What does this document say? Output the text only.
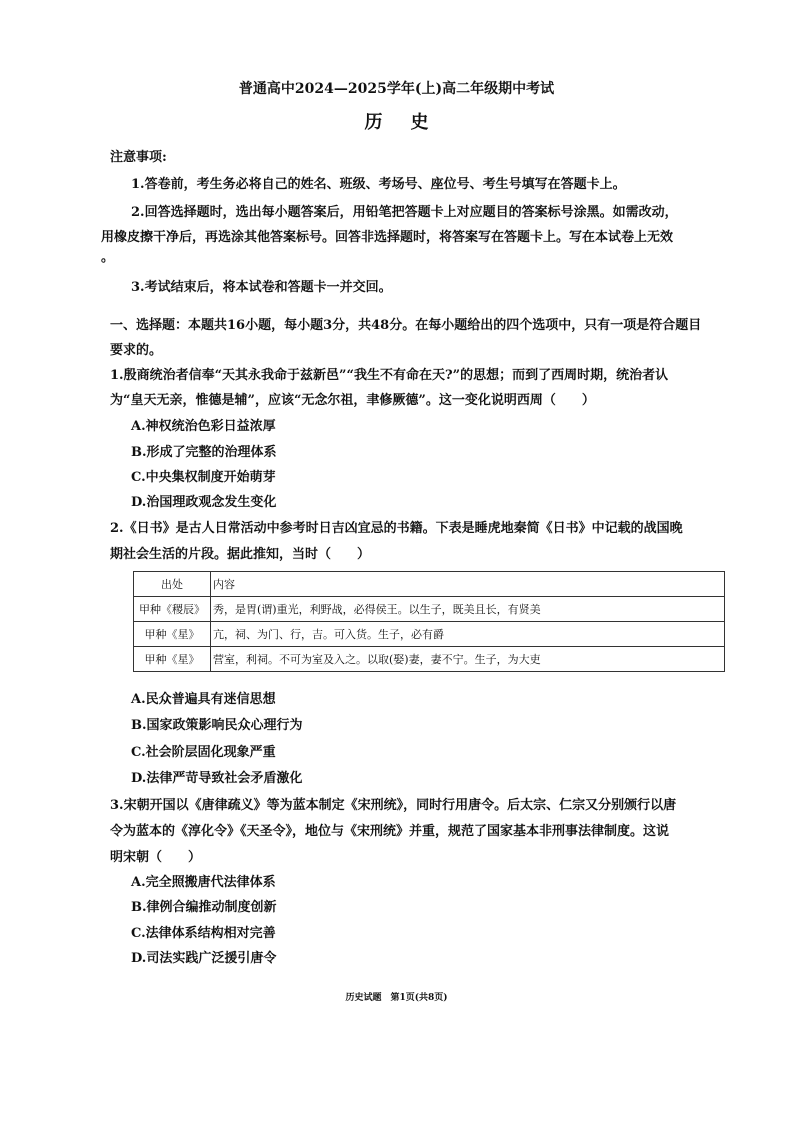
普通高中2024—2025学年(上)高二年级期中考试
历史
注意事项:
1.答卷前，考生务必将自己的姓名、班级、考场号、座位号、考生号填写在答题卡上。
2.回答选择题时，选出每小题答案后，用铅笔把答题卡上对应题目的答案标号涂黑。如需改动，
用橡皮擦干净后，再选涂其他答案标号。回答非选择题时，将答案写在答题卡上。写在本试卷上无效
。
3.考试结束后，将本试卷和答题卡一并交回。
一、选择题：本题共16小题，每小题3分，共48分。在每小题给出的四个选项中，只有一项是符合题目
要求的。
1.殷商统治者信奉“天其永我命于兹新邑”“我生不有命在天?”的思想；而到了西周时期，统治者认
为“皇天无亲，惟德是辅”，应该“无念尔祖，聿修厥德”。这一变化说明西周（　　）
A.神权统治色彩日益浓厚
B.形成了完整的治理体系
C.中央集权制度开始萌芽
D.治国理政观念发生变化
2.《日书》是古人日常活动中参考时日吉凶宜忌的书籍。下表是睡虎地秦简《日书》中记载的战国晚
期社会生活的片段。据此推知，当时（　　）
出处	内容
甲种《稷辰》	秀，是胃(谓)重光，利野战，必得侯王。以生子，既美且长，有贤美
甲种《星》	亢，祠、为门、行，吉。可入货。生子，必有爵
甲种《星》	营室，利祠。不可为室及入之。以取(娶)妻，妻不宁。生子，为大吏
A.民众普遍具有迷信思想
B.国家政策影响民众心理行为
C.社会阶层固化现象严重
D.法律严苛导致社会矛盾激化
3.宋朝开国以《唐律疏义》等为蓝本制定《宋刑统》，同时行用唐令。后太宗、仁宗又分别颁行以唐
令为蓝本的《淳化令》《天圣令》，地位与《宋刑统》并重，规范了国家基本非刑事法律制度。这说
明宋朝（　　）
A.完全照搬唐代法律体系
B.律例合编推动制度创新
C.法律体系结构相对完善
D.司法实践广泛援引唐令
历史试题　第1页(共8页)
